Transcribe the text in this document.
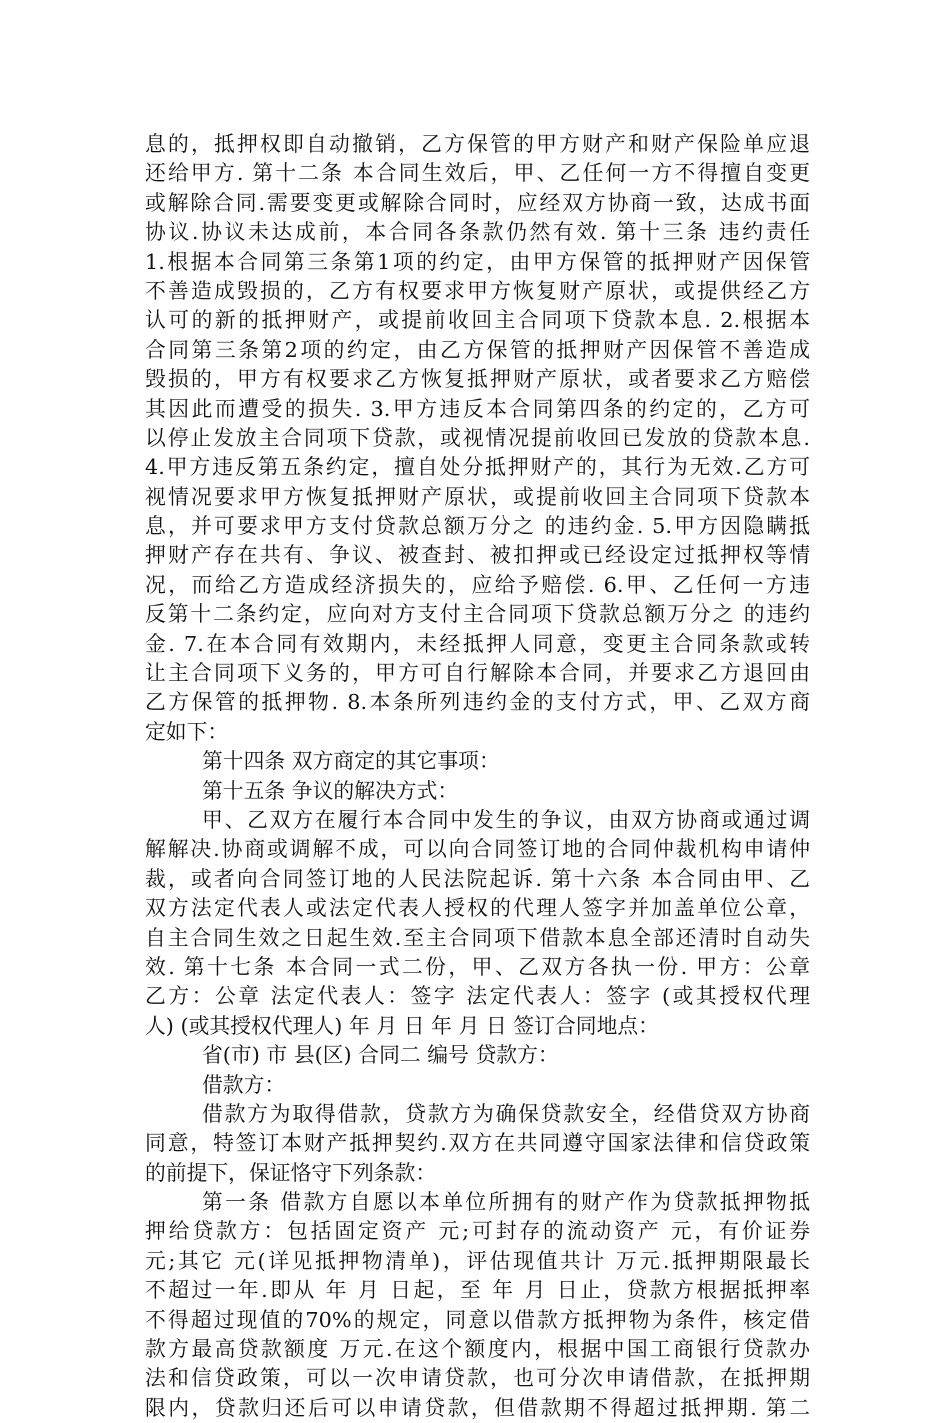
息的，抵押权即自动撤销，乙方保管的甲方财产和财产保险单应退
还给甲方. 第十二条 本合同生效后，甲、乙任何一方不得擅自变更
或解除合同.需要变更或解除合同时，应经双方协商一致，达成书面
协议.协议未达成前，本合同各条款仍然有效. 第十三条 违约责任
1.根据本合同第三条第1项的约定，由甲方保管的抵押财产因保管
不善造成毁损的，乙方有权要求甲方恢复财产原状，或提供经乙方
认可的新的抵押财产，或提前收回主合同项下贷款本息. 2.根据本
合同第三条第2项的约定，由乙方保管的抵押财产因保管不善造成
毁损的，甲方有权要求乙方恢复抵押财产原状，或者要求乙方赔偿
其因此而遭受的损失. 3.甲方违反本合同第四条的约定的，乙方可
以停止发放主合同项下贷款，或视情况提前收回已发放的贷款本息.
4.甲方违反第五条约定，擅自处分抵押财产的，其行为无效.乙方可
视情况要求甲方恢复抵押财产原状，或提前收回主合同项下贷款本
息，并可要求甲方支付贷款总额万分之 的违约金. 5.甲方因隐瞒抵
押财产存在共有、争议、被查封、被扣押或已经设定过抵押权等情
况，而给乙方造成经济损失的，应给予赔偿. 6.甲、乙任何一方违
反第十二条约定，应向对方支付主合同项下贷款总额万分之 的违约
金. 7.在本合同有效期内，未经抵押人同意，变更主合同条款或转
让主合同项下义务的，甲方可自行解除本合同，并要求乙方退回由
乙方保管的抵押物. 8.本条所列违约金的支付方式，甲、乙双方商
定如下：
第十四条 双方商定的其它事项：
第十五条 争议的解决方式：
甲、乙双方在履行本合同中发生的争议，由双方协商或通过调
解解决.协商或调解不成，可以向合同签订地的合同仲裁机构申请仲
裁，或者向合同签订地的人民法院起诉. 第十六条 本合同由甲、乙
双方法定代表人或法定代表人授权的代理人签字并加盖单位公章，
自主合同生效之日起生效.至主合同项下借款本息全部还清时自动失
效. 第十七条 本合同一式二份，甲、乙双方各执一份. 甲方：公章
乙方：公章 法定代表人：签字 法定代表人：签字 (或其授权代理
人) (或其授权代理人) 年 月 日 年 月 日 签订合同地点：
省(市) 市 县(区) 合同二 编号 贷款方：
借款方：
借款方为取得借款，贷款方为确保贷款安全，经借贷双方协商
同意，特签订本财产抵押契约.双方在共同遵守国家法律和信贷政策
的前提下，保证恪守下列条款：
第一条 借款方自愿以本单位所拥有的财产作为贷款抵押物抵
押给贷款方：包括固定资产 元;可封存的流动资产 元，有价证券
元;其它 元(详见抵押物清单)，评估现值共计 万元.抵押期限最长
不超过一年.即从 年 月 日起，至 年 月 日止，贷款方根据抵押率
不得超过现值的70%的规定，同意以借款方抵押物为条件，核定借
款方最高贷款额度 万元.在这个额度内，根据中国工商银行贷款办
法和信贷政策，可以一次申请贷款，也可分次申请借款，在抵押期
限内，贷款归还后可以申请贷款，但借款期不得超过抵押期. 第二
